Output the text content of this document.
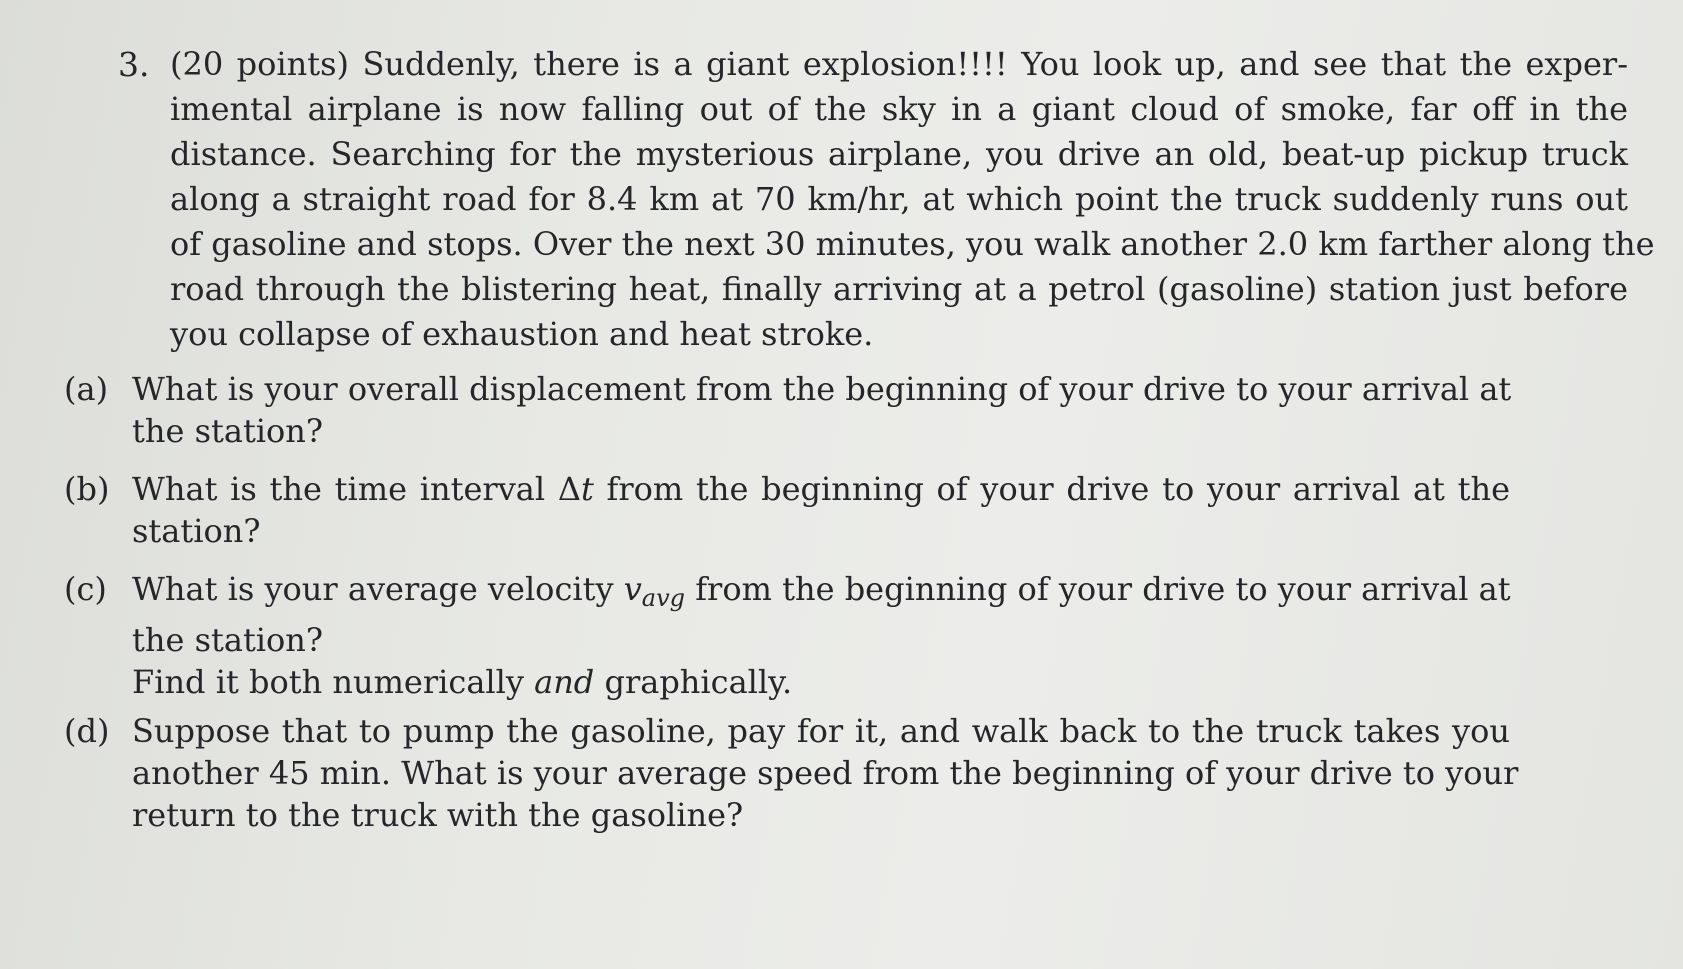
3. (20 points) Suddenly, there is a giant explosion!!!! You look up, and see that the exper-
imental airplane is now falling out of the sky in a giant cloud of smoke, far off in the
distance. Searching for the mysterious airplane, you drive an old, beat-up pickup truck
along a straight road for 8.4 km at 70 km/hr, at which point the truck suddenly runs out
of gasoline and stops. Over the next 30 minutes, you walk another 2.0 km farther along the
road through the blistering heat, finally arriving at a petrol (gasoline) station just before
you collapse of exhaustion and heat stroke.
(a) What is your overall displacement from the beginning of your drive to your arrival at
the station?
(b) What is the time interval Δt from the beginning of your drive to your arrival at the
station?
(c) What is your average velocity $v_{avg}$ from the beginning of your drive to your arrival at
the station?
Find it both numerically and graphically.
(d) Suppose that to pump the gasoline, pay for it, and walk back to the truck takes you
another 45 min. What is your average speed from the beginning of your drive to your
return to the truck with the gasoline?
